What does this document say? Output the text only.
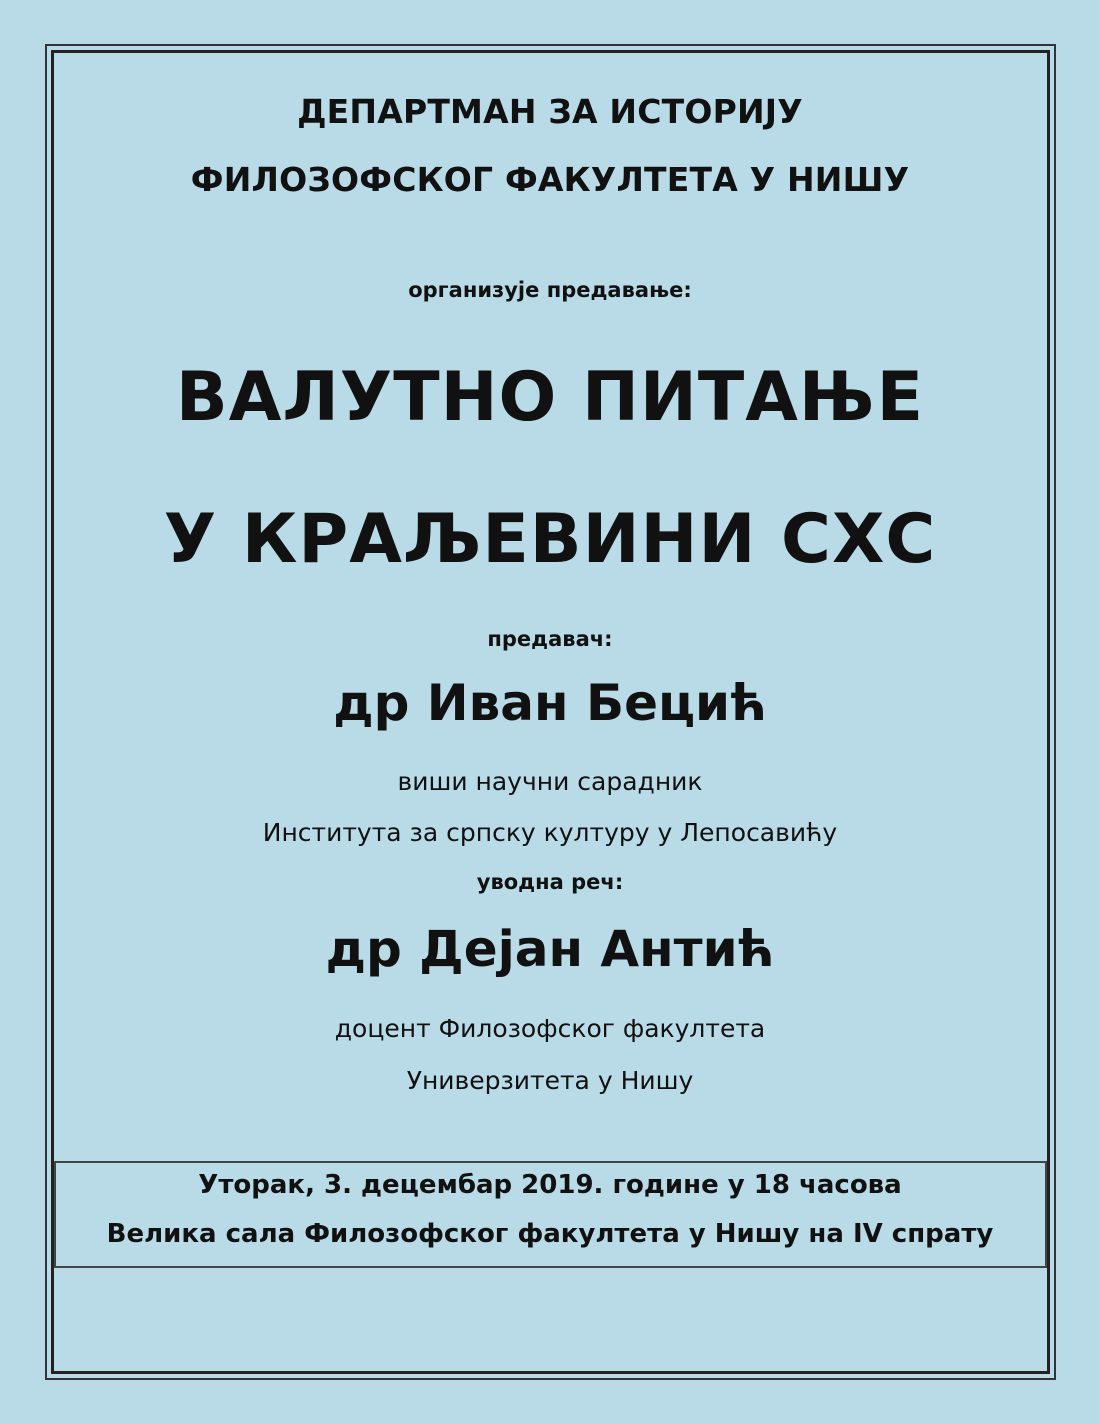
ДЕПАРТМАН ЗА ИСТОРИЈУ
ФИЛОЗОФСКОГ ФАКУЛТЕТА У НИШУ
организује предавање:
ВАЛУТНО ПИТАЊЕ
У КРАЉЕВИНИ СХС
предавач:
др Иван Бецић
виши научни сарадник
Института за српску културу у Лепосавићу
уводна реч:
др Дејан Антић
доцент Филозофског факултета
Универзитета у Нишу
Уторак, 3. децембар 2019. године у 18 часова
Велика сала Филозофског факултета у Нишу на IV спрату
